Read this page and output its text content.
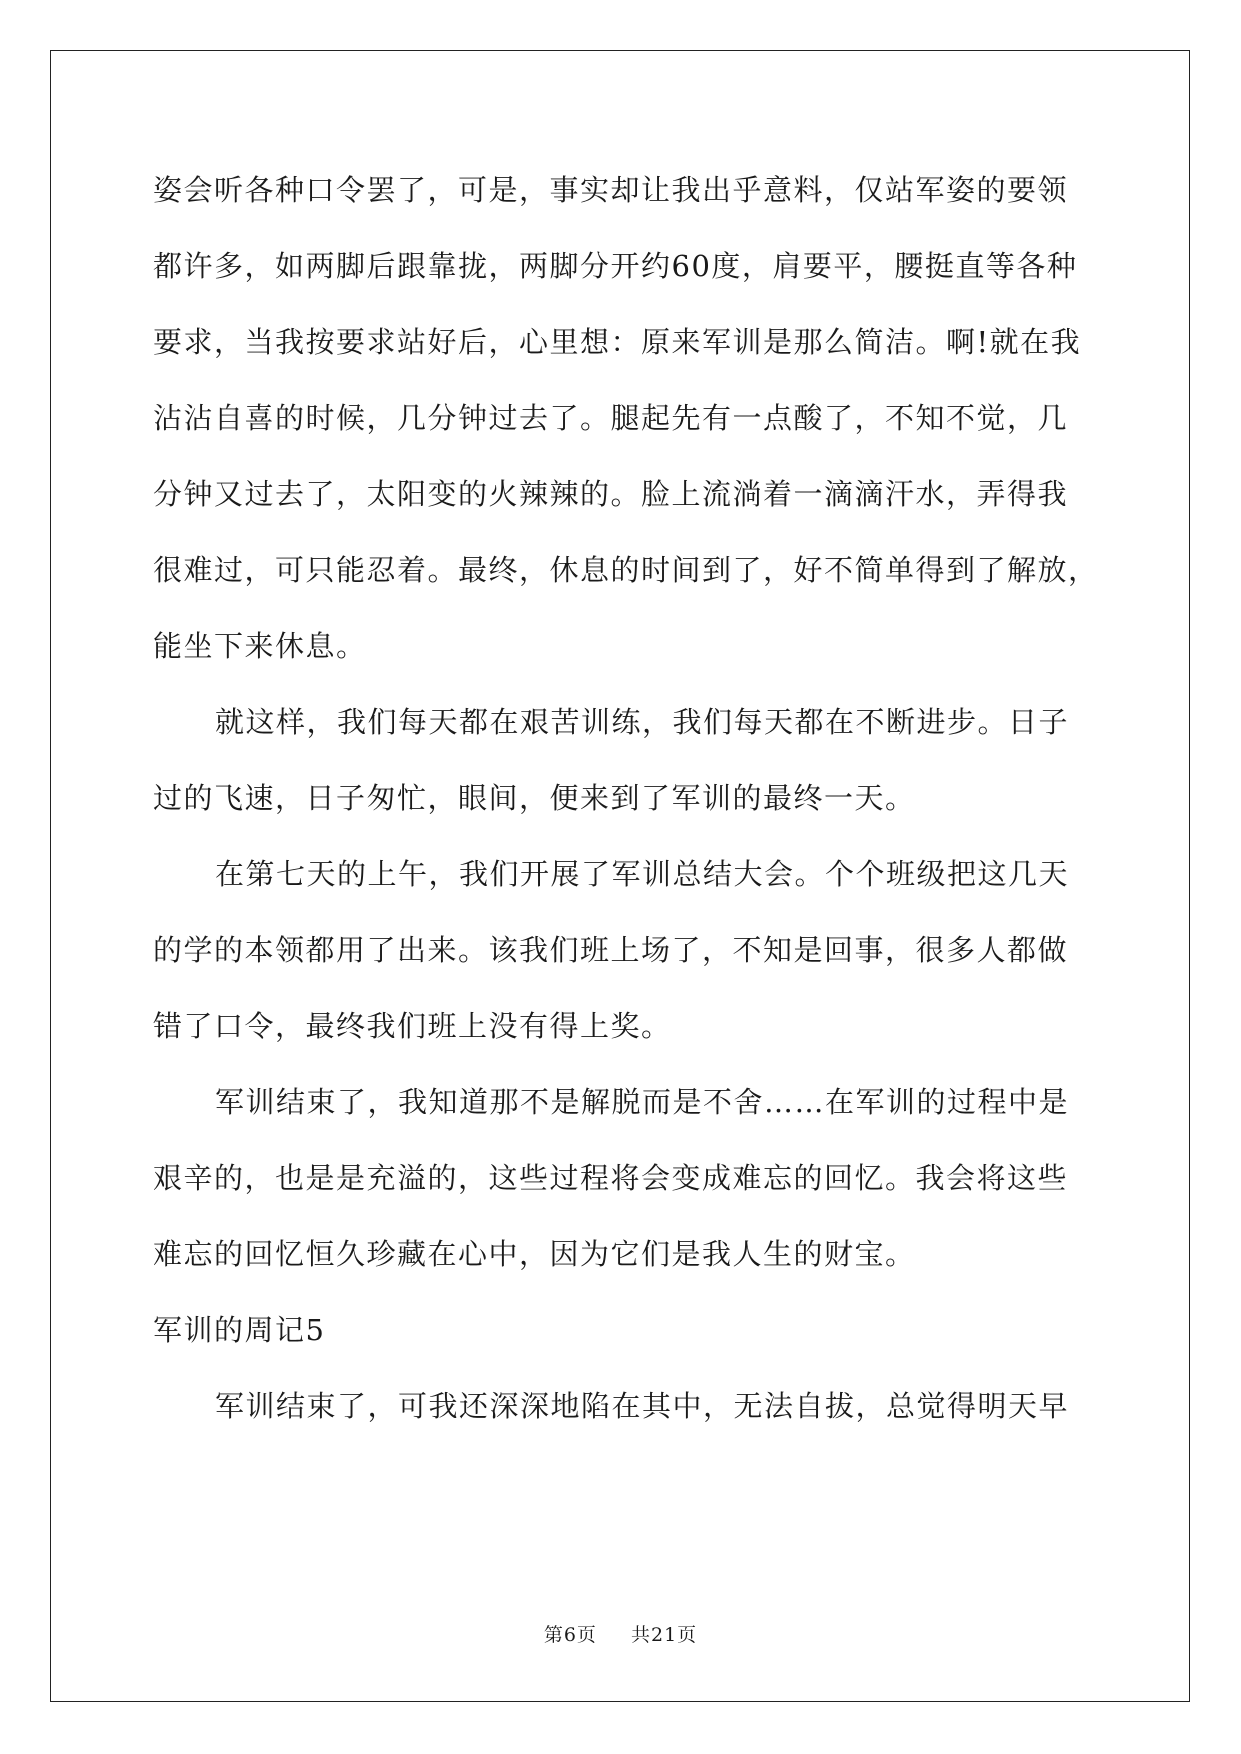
姿会听各种口令罢了，可是，事实却让我出乎意料，仅站军姿的要领
都许多，如两脚后跟靠拢，两脚分开约60度，肩要平，腰挺直等各种
要求，当我按要求站好后，心里想：原来军训是那么简洁。啊!就在我
沾沾自喜的时候，几分钟过去了。腿起先有一点酸了，不知不觉，几
分钟又过去了，太阳变的火辣辣的。脸上流淌着一滴滴汗水，弄得我
很难过，可只能忍着。最终，休息的时间到了，好不简单得到了解放，
能坐下来休息。
就这样，我们每天都在艰苦训练，我们每天都在不断进步。日子
过的飞速，日子匆忙，眼间，便来到了军训的最终一天。
在第七天的上午，我们开展了军训总结大会。个个班级把这几天
的学的本领都用了出来。该我们班上场了，不知是回事，很多人都做
错了口令，最终我们班上没有得上奖。
军训结束了，我知道那不是解脱而是不舍……在军训的过程中是
艰辛的，也是是充溢的，这些过程将会变成难忘的回忆。我会将这些
难忘的回忆恒久珍藏在心中，因为它们是我人生的财宝。
军训的周记5
军训结束了，可我还深深地陷在其中，无法自拔，总觉得明天早
第6页 共21页
